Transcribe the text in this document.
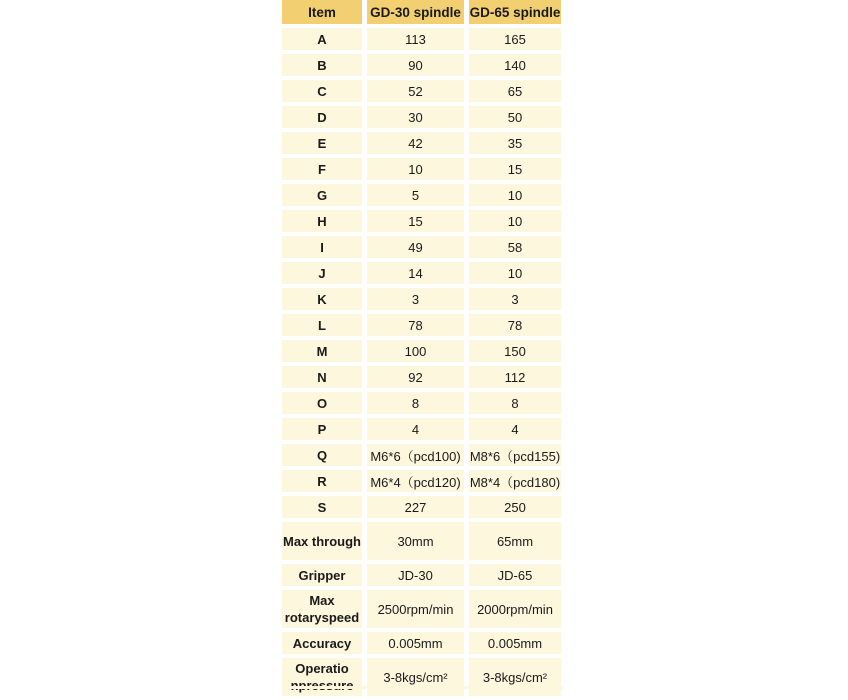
Item	GD-30 spindle	GD-65 spindle
A	113	165
B	90	140
C	52	65
D	30	50
E	42	35
F	10	15
G	5	10
H	15	10
I	49	58
J	14	10
K	3	3
L	78	78
M	100	150
N	92	112
O	8	8
P	4	4
Q	M6*6（pcd100)	M8*6（pcd155)
R	M6*4（pcd120)	M8*4（pcd180)
S	227	250
Max through	30mm	65mm
Gripper	JD-30	JD-65
Max rotaryspeed	2500rpm/min	2000rpm/min
Accuracy	0.005mm	0.005mm
Operatio	3-8kgs/cm²	3-8kgs/cm²
